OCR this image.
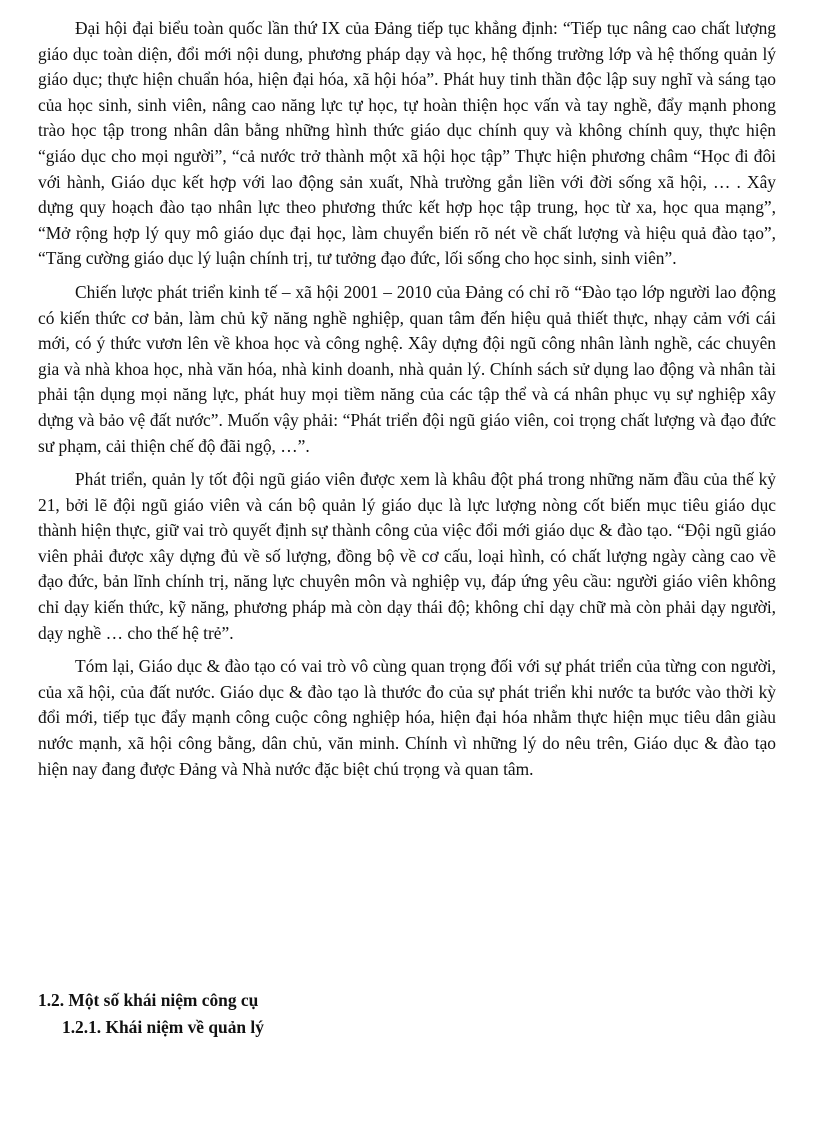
Đại hội đại biểu toàn quốc lần thứ IX của Đảng tiếp tục khẳng định: “Tiếp tục nâng cao chất lượng giáo dục toàn diện, đổi mới nội dung, phương pháp dạy và học, hệ thống trường lớp và hệ thống quản lý giáo dục; thực hiện chuẩn hóa, hiện đại hóa, xã hội hóa”. Phát huy tinh thần độc lập suy nghĩ và sáng tạo của học sinh, sinh viên, nâng cao năng lực tự học, tự hoàn thiện học vấn và tay nghề, đẩy mạnh phong trào học tập trong nhân dân bằng những hình thức giáo dục chính quy và không chính quy, thực hiện “giáo dục cho mọi người”, “cả nước trở thành một xã hội học tập” Thực hiện phương châm “Học đi đôi với hành, Giáo dục kết hợp với lao động sản xuất, Nhà trường gắn liền với đời sống xã hội, … . Xây dựng quy hoạch đào tạo nhân lực theo phương thức kết hợp học tập trung, học từ xa, học qua mạng”, “Mở rộng hợp lý quy mô giáo dục đại học, làm chuyển biến rõ nét về chất lượng và hiệu quả đào tạo”, “Tăng cường giáo dục lý luận chính trị, tư tưởng đạo đức, lối sống cho học sinh, sinh viên”.

Chiến lược phát triển kinh tế – xã hội 2001 – 2010 của Đảng có chỉ rõ “Đào tạo lớp người lao động có kiến thức cơ bản, làm chủ kỹ năng nghề nghiệp, quan tâm đến hiệu quả thiết thực, nhạy cảm với cái mới, có ý thức vươn lên về khoa học và công nghệ. Xây dựng đội ngũ công nhân lành nghề, các chuyên gia và nhà khoa học, nhà văn hóa, nhà kinh doanh, nhà quản lý. Chính sách sử dụng lao động và nhân tài phải tận dụng mọi năng lực, phát huy mọi tiềm năng của các tập thể và cá nhân phục vụ sự nghiệp xây dựng và bảo vệ đất nước”. Muốn vậy phải: “Phát triển đội ngũ giáo viên, coi trọng chất lượng và đạo đức sư phạm, cải thiện chế độ đãi ngộ, …”.

Phát triển, quản ly tốt đội ngũ giáo viên được xem là khâu đột phá trong những năm đầu của thế kỷ 21, bởi lẽ đội ngũ giáo viên và cán bộ quản lý giáo dục là lực lượng nòng cốt biến mục tiêu giáo dục thành hiện thực, giữ vai trò quyết định sự thành công của việc đổi mới giáo dục & đào tạo. “Đội ngũ giáo viên phải được xây dựng đủ về số lượng, đồng bộ về cơ cấu, loại hình, có chất lượng ngày càng cao về đạo đức, bản lĩnh chính trị, năng lực chuyên môn và nghiệp vụ, đáp ứng yêu cầu: người giáo viên không chỉ dạy kiến thức, kỹ năng, phương pháp mà còn dạy thái độ; không chỉ dạy chữ mà còn phải dạy người, dạy nghề … cho thế hệ trẻ”.

Tóm lại, Giáo dục & đào tạo có vai trò vô cùng quan trọng đối với sự phát triển của từng con người, của xã hội, của đất nước. Giáo dục & đào tạo là thước đo của sự phát triển khi nước ta bước vào thời kỳ đổi mới, tiếp tục đẩy mạnh công cuộc công nghiệp hóa, hiện đại hóa nhằm thực hiện mục tiêu dân giàu nước mạnh, xã hội công bằng, dân chủ, văn minh. Chính vì những lý do nêu trên, Giáo dục & đào tạo hiện nay đang được Đảng và Nhà nước đặc biệt chú trọng và quan tâm.

1.2. Một số khái niệm công cụ
1.2.1. Khái niệm về quản lý
